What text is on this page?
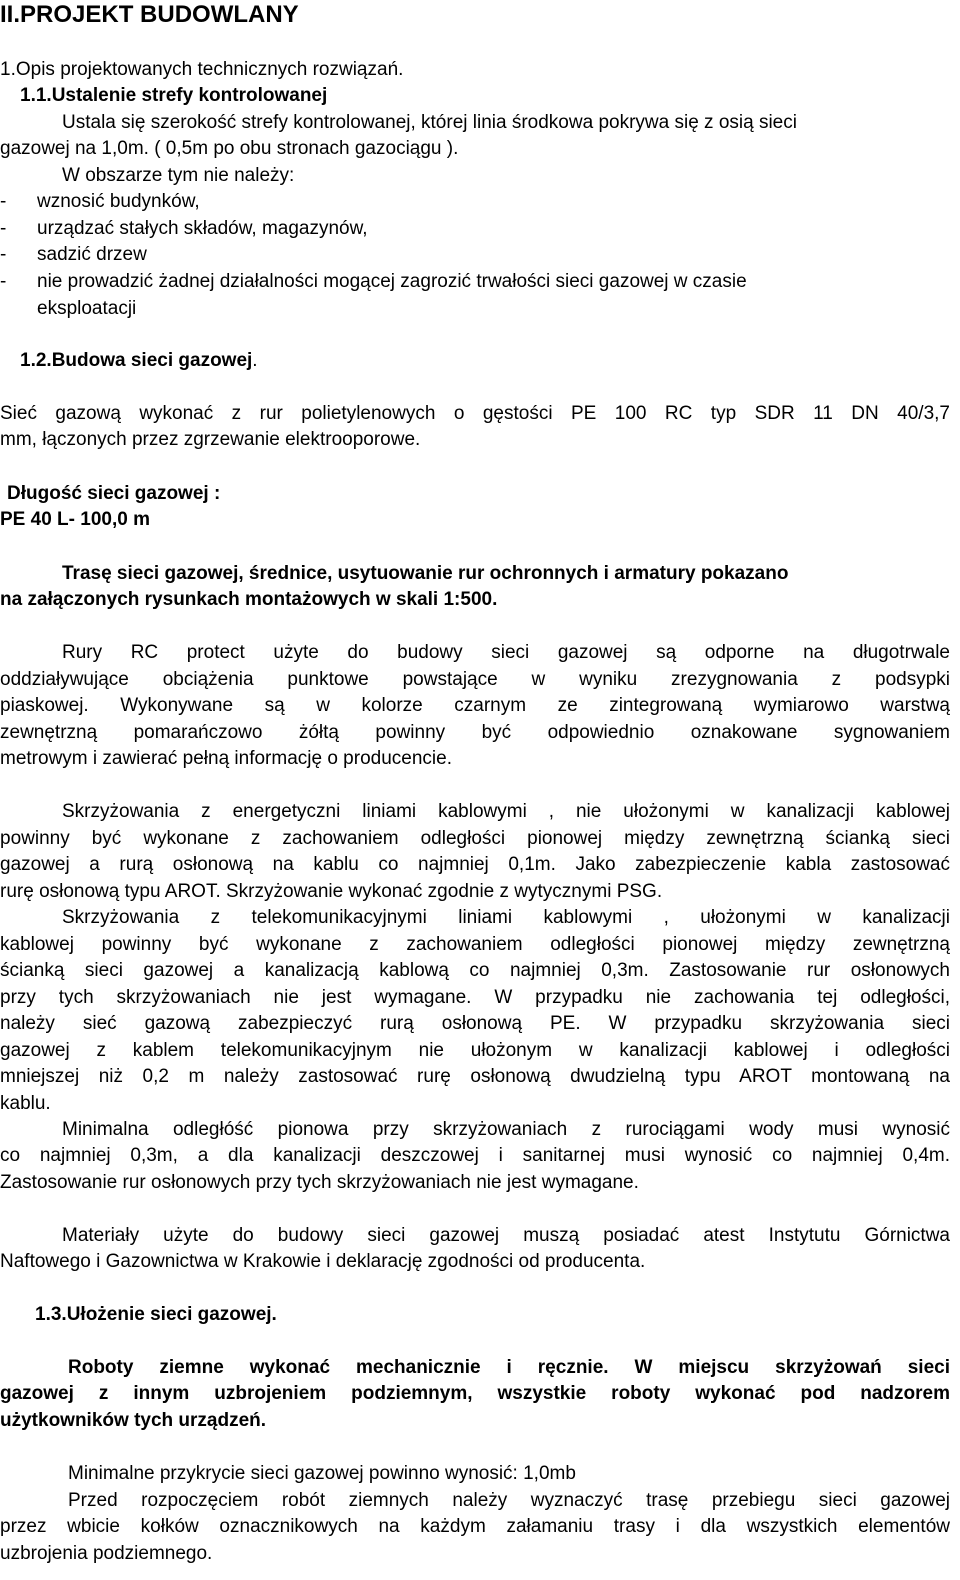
II.PROJEKT BUDOWLANY
1.Opis projektowanych technicznych rozwiązań.
1.1.Ustalenie strefy kontrolowanej
Ustala się szerokość strefy kontrolowanej, której linia środkowa pokrywa się z osią sieci
gazowej na 1,0m. ( 0,5m po obu stronach gazociągu ).
W obszarze tym nie należy:
- wznosić budynków,
- urządzać stałych składów, magazynów,
- sadzić drzew
- nie prowadzić żadnej działalności mogącej zagrozić trwałości sieci gazowej w czasie
eksploatacji
1.2.Budowa sieci gazowej.
Sieć gazową wykonać z rur polietylenowych o gęstości PE 100 RC typ SDR 11 DN 40/3,7
mm, łączonych przez zgrzewanie elektrooporowe.
Długość sieci gazowej :
PE 40 L- 100,0 m
Trasę sieci gazowej, średnice, usytuowanie rur ochronnych i armatury pokazano
na załączonych rysunkach montażowych w skali 1:500.
Rury RC protect użyte do budowy sieci gazowej są odporne na długotrwale
oddziaływujące obciążenia punktowe powstające w wyniku zrezygnowania z podsypki
piaskowej. Wykonywane są w kolorze czarnym ze zintegrowaną wymiarowo warstwą
zewnętrzną pomarańczowo żółtą powinny być odpowiednio oznakowane sygnowaniem
metrowym i zawierać pełną informację o producencie.
Skrzyżowania z energetyczni liniami kablowymi , nie ułożonymi w kanalizacji kablowej
powinny być wykonane z zachowaniem odległości pionowej między zewnętrzną ścianką sieci
gazowej a rurą osłonową na kablu co najmniej 0,1m. Jako zabezpieczenie kabla zastosować
rurę osłonową typu AROT. Skrzyżowanie wykonać zgodnie z wytycznymi PSG.
Skrzyżowania z telekomunikacyjnymi liniami kablowymi , ułożonymi w kanalizacji
kablowej powinny być wykonane z zachowaniem odległości pionowej między zewnętrzną
ścianką sieci gazowej a kanalizacją kablową co najmniej 0,3m. Zastosowanie rur osłonowych
przy tych skrzyżowaniach nie jest wymagane. W przypadku nie zachowania tej odległości,
należy sieć gazową zabezpieczyć rurą osłonową PE. W przypadku skrzyżowania sieci
gazowej z kablem telekomunikacyjnym nie ułożonym w kanalizacji kablowej i odległości
mniejszej niż 0,2 m należy zastosować rurę osłonową dwudzielną typu AROT montowaną na
kablu.
Minimalna odległóść pionowa przy skrzyżowaniach z rurociągami wody musi wynosić
co najmniej 0,3m, a dla kanalizacji deszczowej i sanitarnej musi wynosić co najmniej 0,4m.
Zastosowanie rur osłonowych przy tych skrzyżowaniach nie jest wymagane.
Materiały użyte do budowy sieci gazowej muszą posiadać atest Instytutu Górnictwa
Naftowego i Gazownictwa w Krakowie i deklarację zgodności od producenta.
1.3.Ułożenie sieci gazowej.
Roboty ziemne wykonać mechanicznie i ręcznie. W miejscu skrzyżowań sieci
gazowej z innym uzbrojeniem podziemnym, wszystkie roboty wykonać pod nadzorem
użytkowników tych urządzeń.
Minimalne przykrycie sieci gazowej powinno wynosić: 1,0mb
Przed rozpoczęciem robót ziemnych należy wyznaczyć trasę przebiegu sieci gazowej
przez wbicie kołków oznacznikowych na każdym załamaniu trasy i dla wszystkich elementów
uzbrojenia podziemnego.
